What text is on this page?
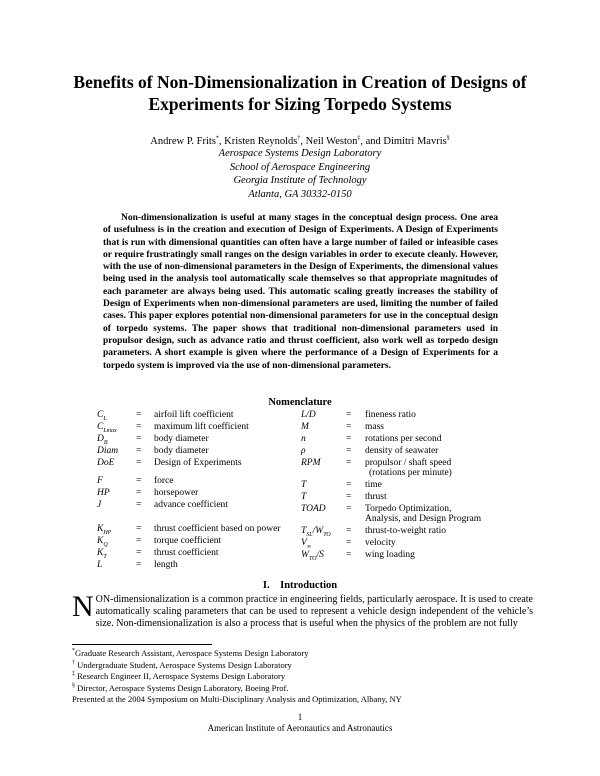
Benefits of Non-Dimensionalization in Creation of Designs of
Experiments for Sizing Torpedo Systems
Andrew P. Frits*, Kristen Reynolds†, Neil Weston‡, and Dimitri Mavris§
Aerospace Systems Design Laboratory
School of Aerospace Engineering
Georgia Institute of Technology
Atlanta, GA 30332-0150
Non-dimensionalization is useful at many stages in the conceptual design process. One area of usefulness is in the creation and execution of Design of Experiments. A Design of Experiments that is run with dimensional quantities can often have a large number of failed or infeasible cases or require frustratingly small ranges on the design variables in order to execute cleanly. However, with the use of non-dimensional parameters in the Design of Experiments, the dimensional values being used in the analysis tool automatically scale themselves so that appropriate magnitudes of each parameter are always being used. This automatic scaling greatly increases the stability of Design of Experiments when non-dimensional parameters are used, limiting the number of failed cases. This paper explores potential non-dimensional parameters for use in the conceptual design of torpedo systems. The paper shows that traditional non-dimensional parameters used in propulsor design, such as advance ratio and thrust coefficient, also work well as torpedo design parameters. A short example is given where the performance of a Design of Experiments for a torpedo system is improved via the use of non-dimensional parameters.
Nomenclature
$C_L$	= airfoil lift coefficient
$C_{Lmax}$ = maximum lift coefficient
$D_B$	= body diameter
Diam = body diameter
DoE = Design of Experiments
F	= force
HP	= horsepower
J	= advance coefficient
$K_{HP}$	= thrust coefficient based on power
$K_Q$	= torque coefficient
$K_T$	= thrust coefficient
L	= length
L/D	= fineness ratio
M	= mass
n	= rotations per second
ρ	= density of seawater
RPM	= propulsor / shaft speed
(rotations per minute)
T	= time
T	= thrust
TOAD = Torpedo Optimization,
Analysis, and Design Program
$T_{SL}/W_{TO}$ = thrust-to-weight ratio
$V_\infty$	= velocity
$W_{TO}/S$ = wing loading
I.    Introduction
NON-dimensionalization is a common practice in engineering fields, particularly aerospace. It is used to create automatically scaling parameters that can be used to represent a vehicle design independent of the vehicle’s size. Non-dimensionalization is also a process that is useful when the physics of the problem are not fully
*Graduate Research Assistant, Aerospace Systems Design Laboratory
† Undergraduate Student, Aerospace Systems Design Laboratory
‡ Research Engineer II, Aerospace Systems Design Laboratory
§ Director, Aerospace Systems Design Laboratory, Boeing Prof.
Presented at the 2004 Symposium on Multi-Disciplinary Analysis and Optimization, Albany, NY
1
American Institute of Aeronautics and Astronautics
